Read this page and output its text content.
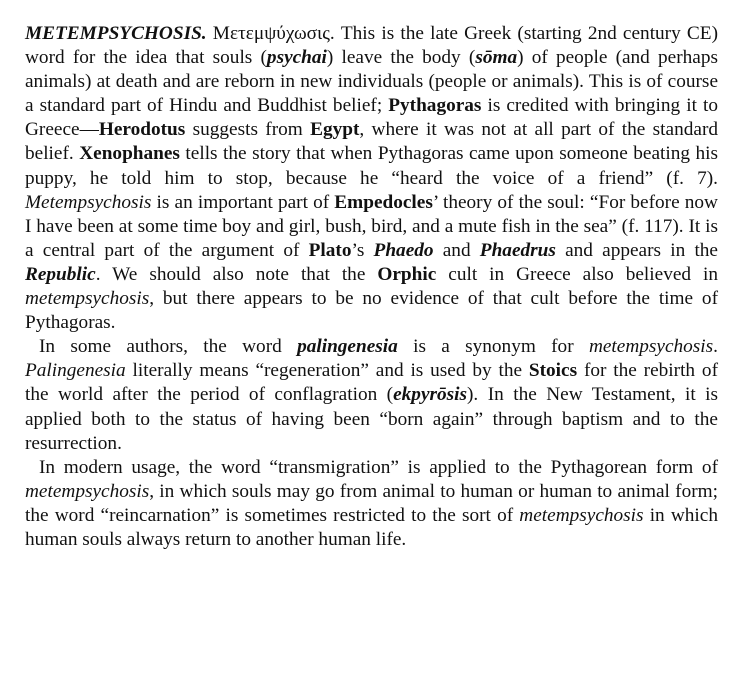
METEMPSYCHOSIS. Μετεμψύχωσις. This is the late Greek (starting 2nd century CE) word for the idea that souls (psychai) leave the body (sōma) of people (and perhaps animals) at death and are reborn in new individuals (people or animals). This is of course a standard part of Hindu and Buddhist belief; Pythagoras is credited with bringing it to Greece—Herodotus suggests from Egypt, where it was not at all part of the standard belief. Xenophanes tells the story that when Pythagoras came upon someone beating his puppy, he told him to stop, because he “heard the voice of a friend” (f. 7). Metempsychosis is an important part of Empedocles’ theory of the soul: “For before now I have been at some time boy and girl, bush, bird, and a mute fish in the sea” (f. 117). It is a central part of the argument of Plato’s Phaedo and Phaedrus and appears in the Republic. We should also note that the Orphic cult in Greece also believed in metempsychosis, but there appears to be no evidence of that cult before the time of Pythagoras.

In some authors, the word palingenesia is a synonym for metempsychosis. Palingenesia literally means “regeneration” and is used by the Stoics for the rebirth of the world after the period of conflagration (ekpyrōsis). In the New Testament, it is applied both to the status of having been “born again” through baptism and to the resurrection.

In modern usage, the word “transmigration” is applied to the Pythagorean form of metempsychosis, in which souls may go from animal to human or human to animal form; the word “reincarnation” is sometimes restricted to the sort of metempsychosis in which human souls always return to another human life.
